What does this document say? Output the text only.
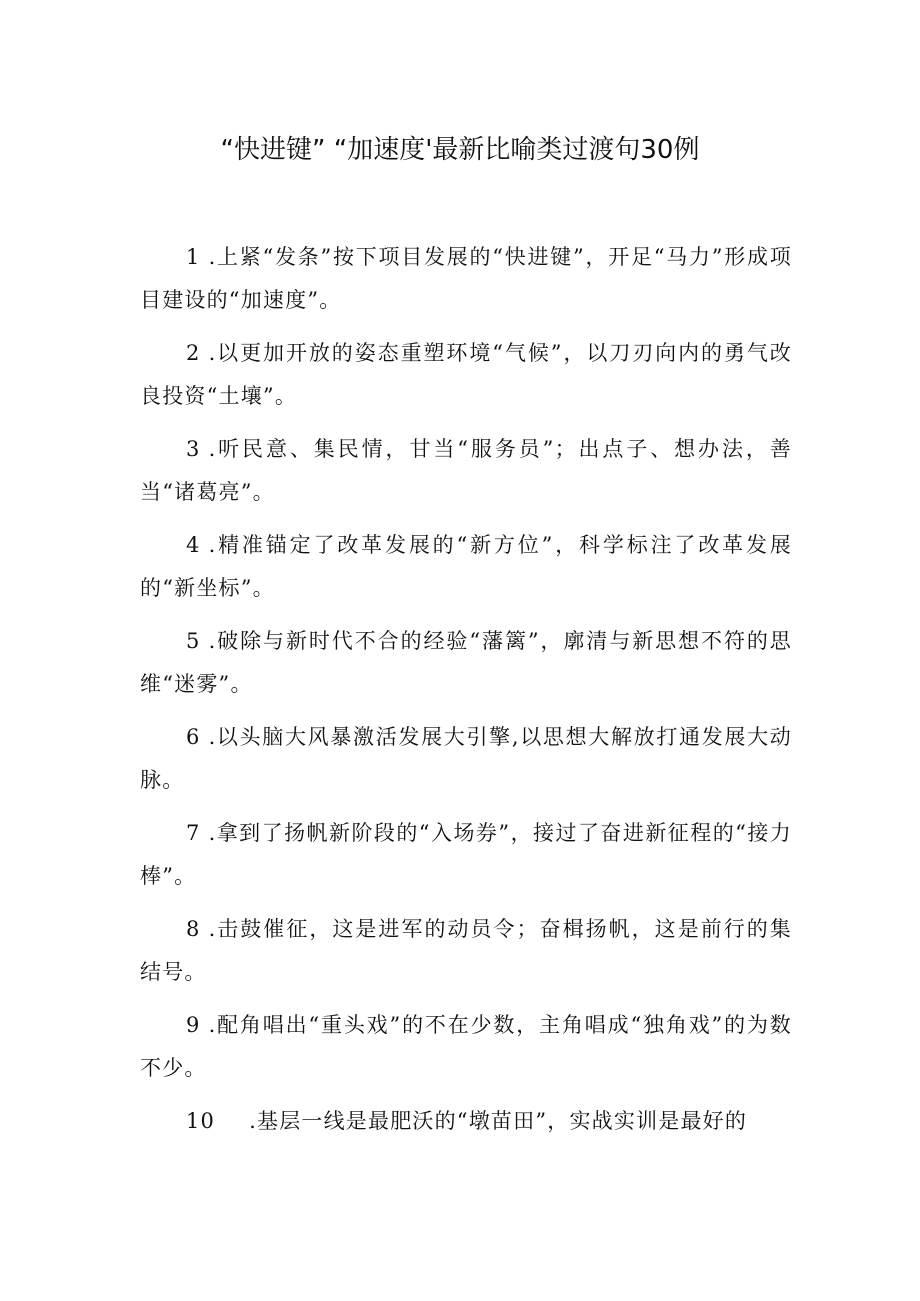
“快进键” “加速度'最新比喻类过渡句30例
1 .上紧“发条”按下项目发展的“快进键”，开足“马力”形成项目建设的“加速度”。
2 .以更加开放的姿态重塑环境“气候”，以刀刃向内的勇气改良投资“土壤”。
3 .听民意、集民情，甘当“服务员”；出点子、想办法，善当“诸葛亮”。
4 .精准锚定了改革发展的“新方位”，科学标注了改革发展的“新坐标”。
5 .破除与新时代不合的经验“藩篱”，廓清与新思想不符的思维“迷雾”。
6 .以头脑大风暴激活发展大引擎,以思想大解放打通发展大动脉。
7 .拿到了扬帆新阶段的“入场券”，接过了奋进新征程的“接力棒”。
8 .击鼓催征，这是进军的动员令；奋楫扬帆，这是前行的集结号。
9 .配角唱出“重头戏”的不在少数，主角唱成“独角戏”的为数不少。
10 .基层一线是最肥沃的“墩苗田”，实战实训是最好的
